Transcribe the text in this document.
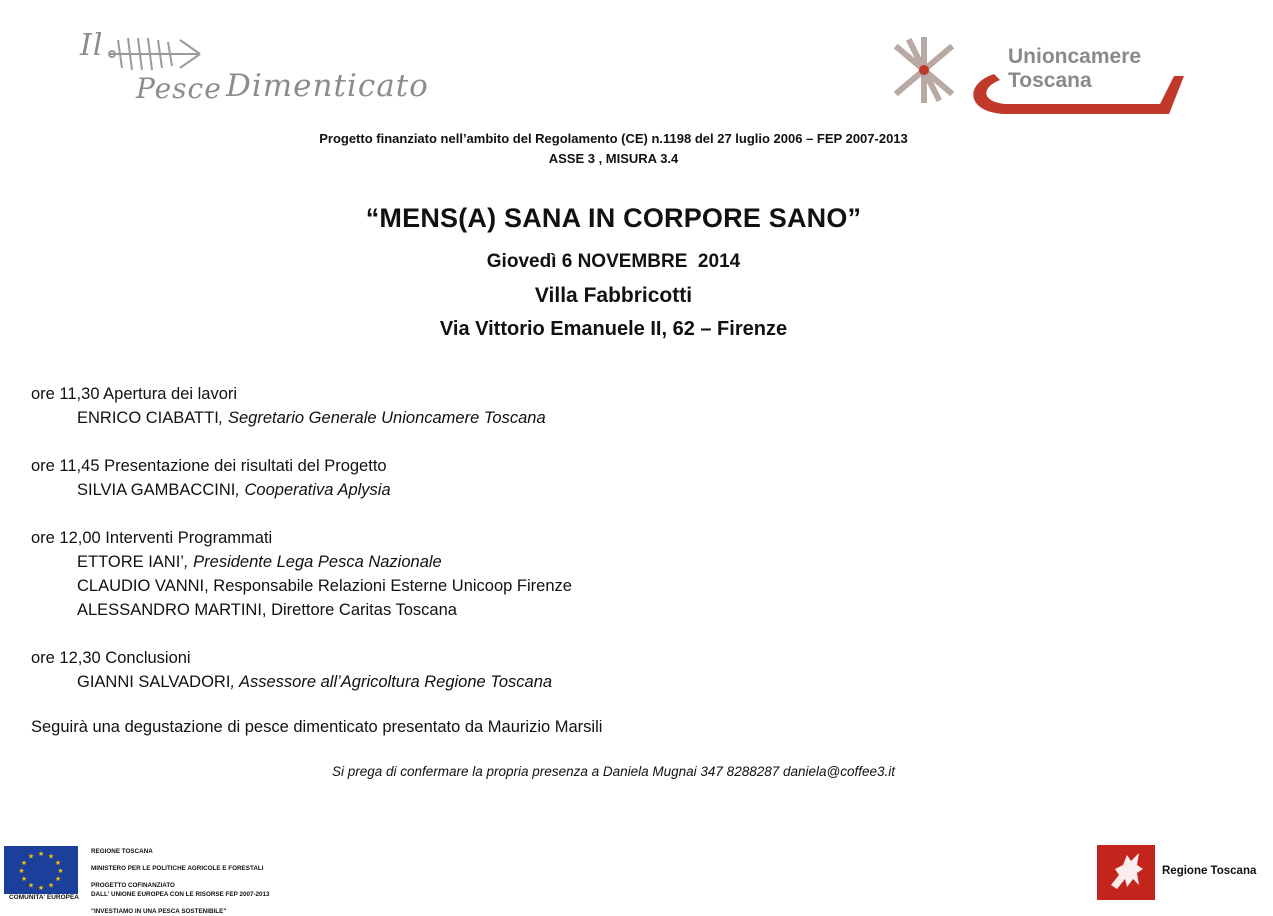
Il
Pesce Dimenticato
Unioncamere
Toscana
Progetto finanziato nell’ambito del Regolamento (CE) n.1198 del 27 luglio 2006 – FEP 2007-2013
ASSE 3 , MISURA 3.4
“MENS(A) SANA IN CORPORE SANO”
Giovedì 6 NOVEMBRE  2014
Villa Fabbricotti
Via Vittorio Emanuele II, 62 – Firenze
ore 11,30 Apertura dei lavori
ENRICO CIABATTI, Segretario Generale Unioncamere Toscana
ore 11,45 Presentazione dei risultati del Progetto
SILVIA GAMBACCINI, Cooperativa Aplysia
ore 12,00 Interventi Programmati
ETTORE IANI’, Presidente Lega Pesca Nazionale
CLAUDIO VANNI, Responsabile Relazioni Esterne Unicoop Firenze
ALESSANDRO MARTINI, Direttore Caritas Toscana
ore 12,30 Conclusioni
GIANNI SALVADORI, Assessore all’Agricoltura Regione Toscana
Seguirà una degustazione di pesce dimenticato presentato da Maurizio Marsili
Si prega di confermare la propria presenza a Daniela Mugnai 347 8288287 daniela@coffee3.it
★ ★
★
★
★
★
★
★
★
★
★
★
COMUNITA' EUROPEA
REGIONE TOSCANA
MINISTERO PER LE POLITICHE AGRICOLE E FORESTALI
PROGETTO COFINANZIATO
DALL' UNIONE EUROPEA CON LE RISORSE FEP 2007-2013
"INVESTIAMO IN UNA PESCA SOSTENIBILE"
Regione Toscana
